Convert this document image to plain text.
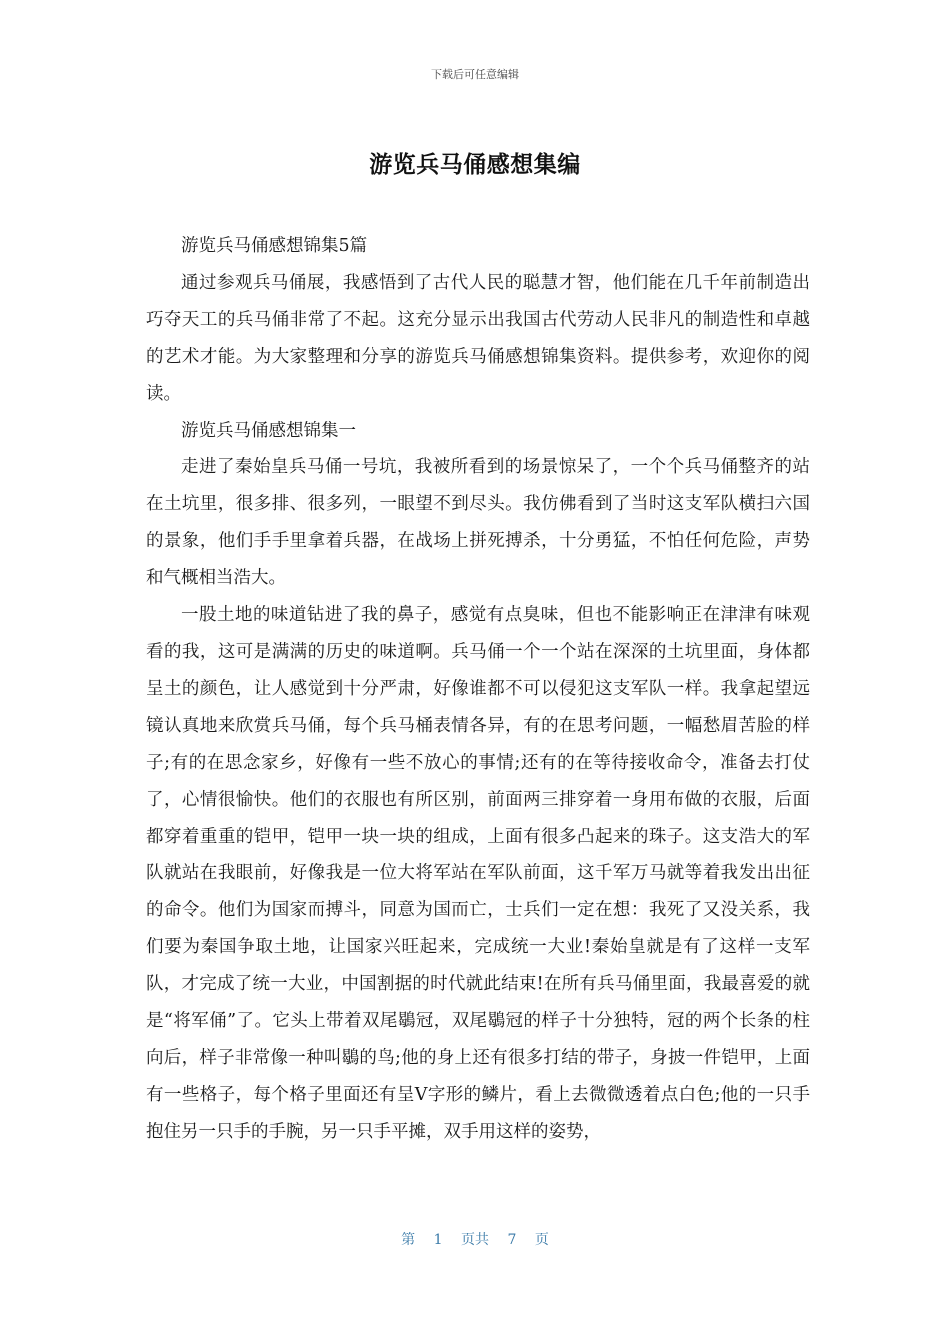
下载后可任意编辑
游览兵马俑感想集编

游览兵马俑感想锦集5篇

通过参观兵马俑展，我感悟到了古代人民的聪慧才智，他们能在几千年前制造出巧夺天工的兵马俑非常了不起。这充分显示出我国古代劳动人民非凡的制造性和卓越的艺术才能。为大家整理和分享的游览兵马俑感想锦集资料。提供参考，欢迎你的阅读。

游览兵马俑感想锦集一

走进了秦始皇兵马俑一号坑，我被所看到的场景惊呆了，一个个兵马俑整齐的站在土坑里，很多排、很多列，一眼望不到尽头。我仿佛看到了当时这支军队横扫六国的景象，他们手手里拿着兵器，在战场上拼死搏杀，十分勇猛，不怕任何危险，声势和气概相当浩大。

一股土地的味道钻进了我的鼻子，感觉有点臭味，但也不能影响正在津津有味观看的我，这可是满满的历史的味道啊。兵马俑一个一个站在深深的土坑里面，身体都呈土的颜色，让人感觉到十分严肃，好像谁都不可以侵犯这支军队一样。我拿起望远镜认真地来欣赏兵马俑，每个兵马桶表情各异，有的在思考问题，一幅愁眉苦脸的样子;有的在思念家乡，好像有一些不放心的事情;还有的在等待接收命令，准备去打仗了，心情很愉快。他们的衣服也有所区别，前面两三排穿着一身用布做的衣服，后面都穿着重重的铠甲，铠甲一块一块的组成，上面有很多凸起来的珠子。这支浩大的军队就站在我眼前，好像我是一位大将军站在军队前面，这千军万马就等着我发出出征的命令。他们为国家而搏斗，同意为国而亡，士兵们一定在想：我死了又没关系，我们要为秦国争取土地，让国家兴旺起来，完成统一大业!秦始皇就是有了这样一支军队，才完成了统一大业，中国割据的时代就此结束!在所有兵马俑里面，我最喜爱的就是“将军俑”了。它头上带着双尾鶡冠，双尾鶡冠的样子十分独特，冠的两个长条的柱向后，样子非常像一种叫鶡的鸟;他的身上还有很多打结的带子，身披一件铠甲，上面有一些格子，每个格子里面还有呈V字形的鳞片，看上去微微透着点白色;他的一只手抱住另一只手的手腕，另一只手平摊，双手用这样的姿势，

第 1 页共 7 页
